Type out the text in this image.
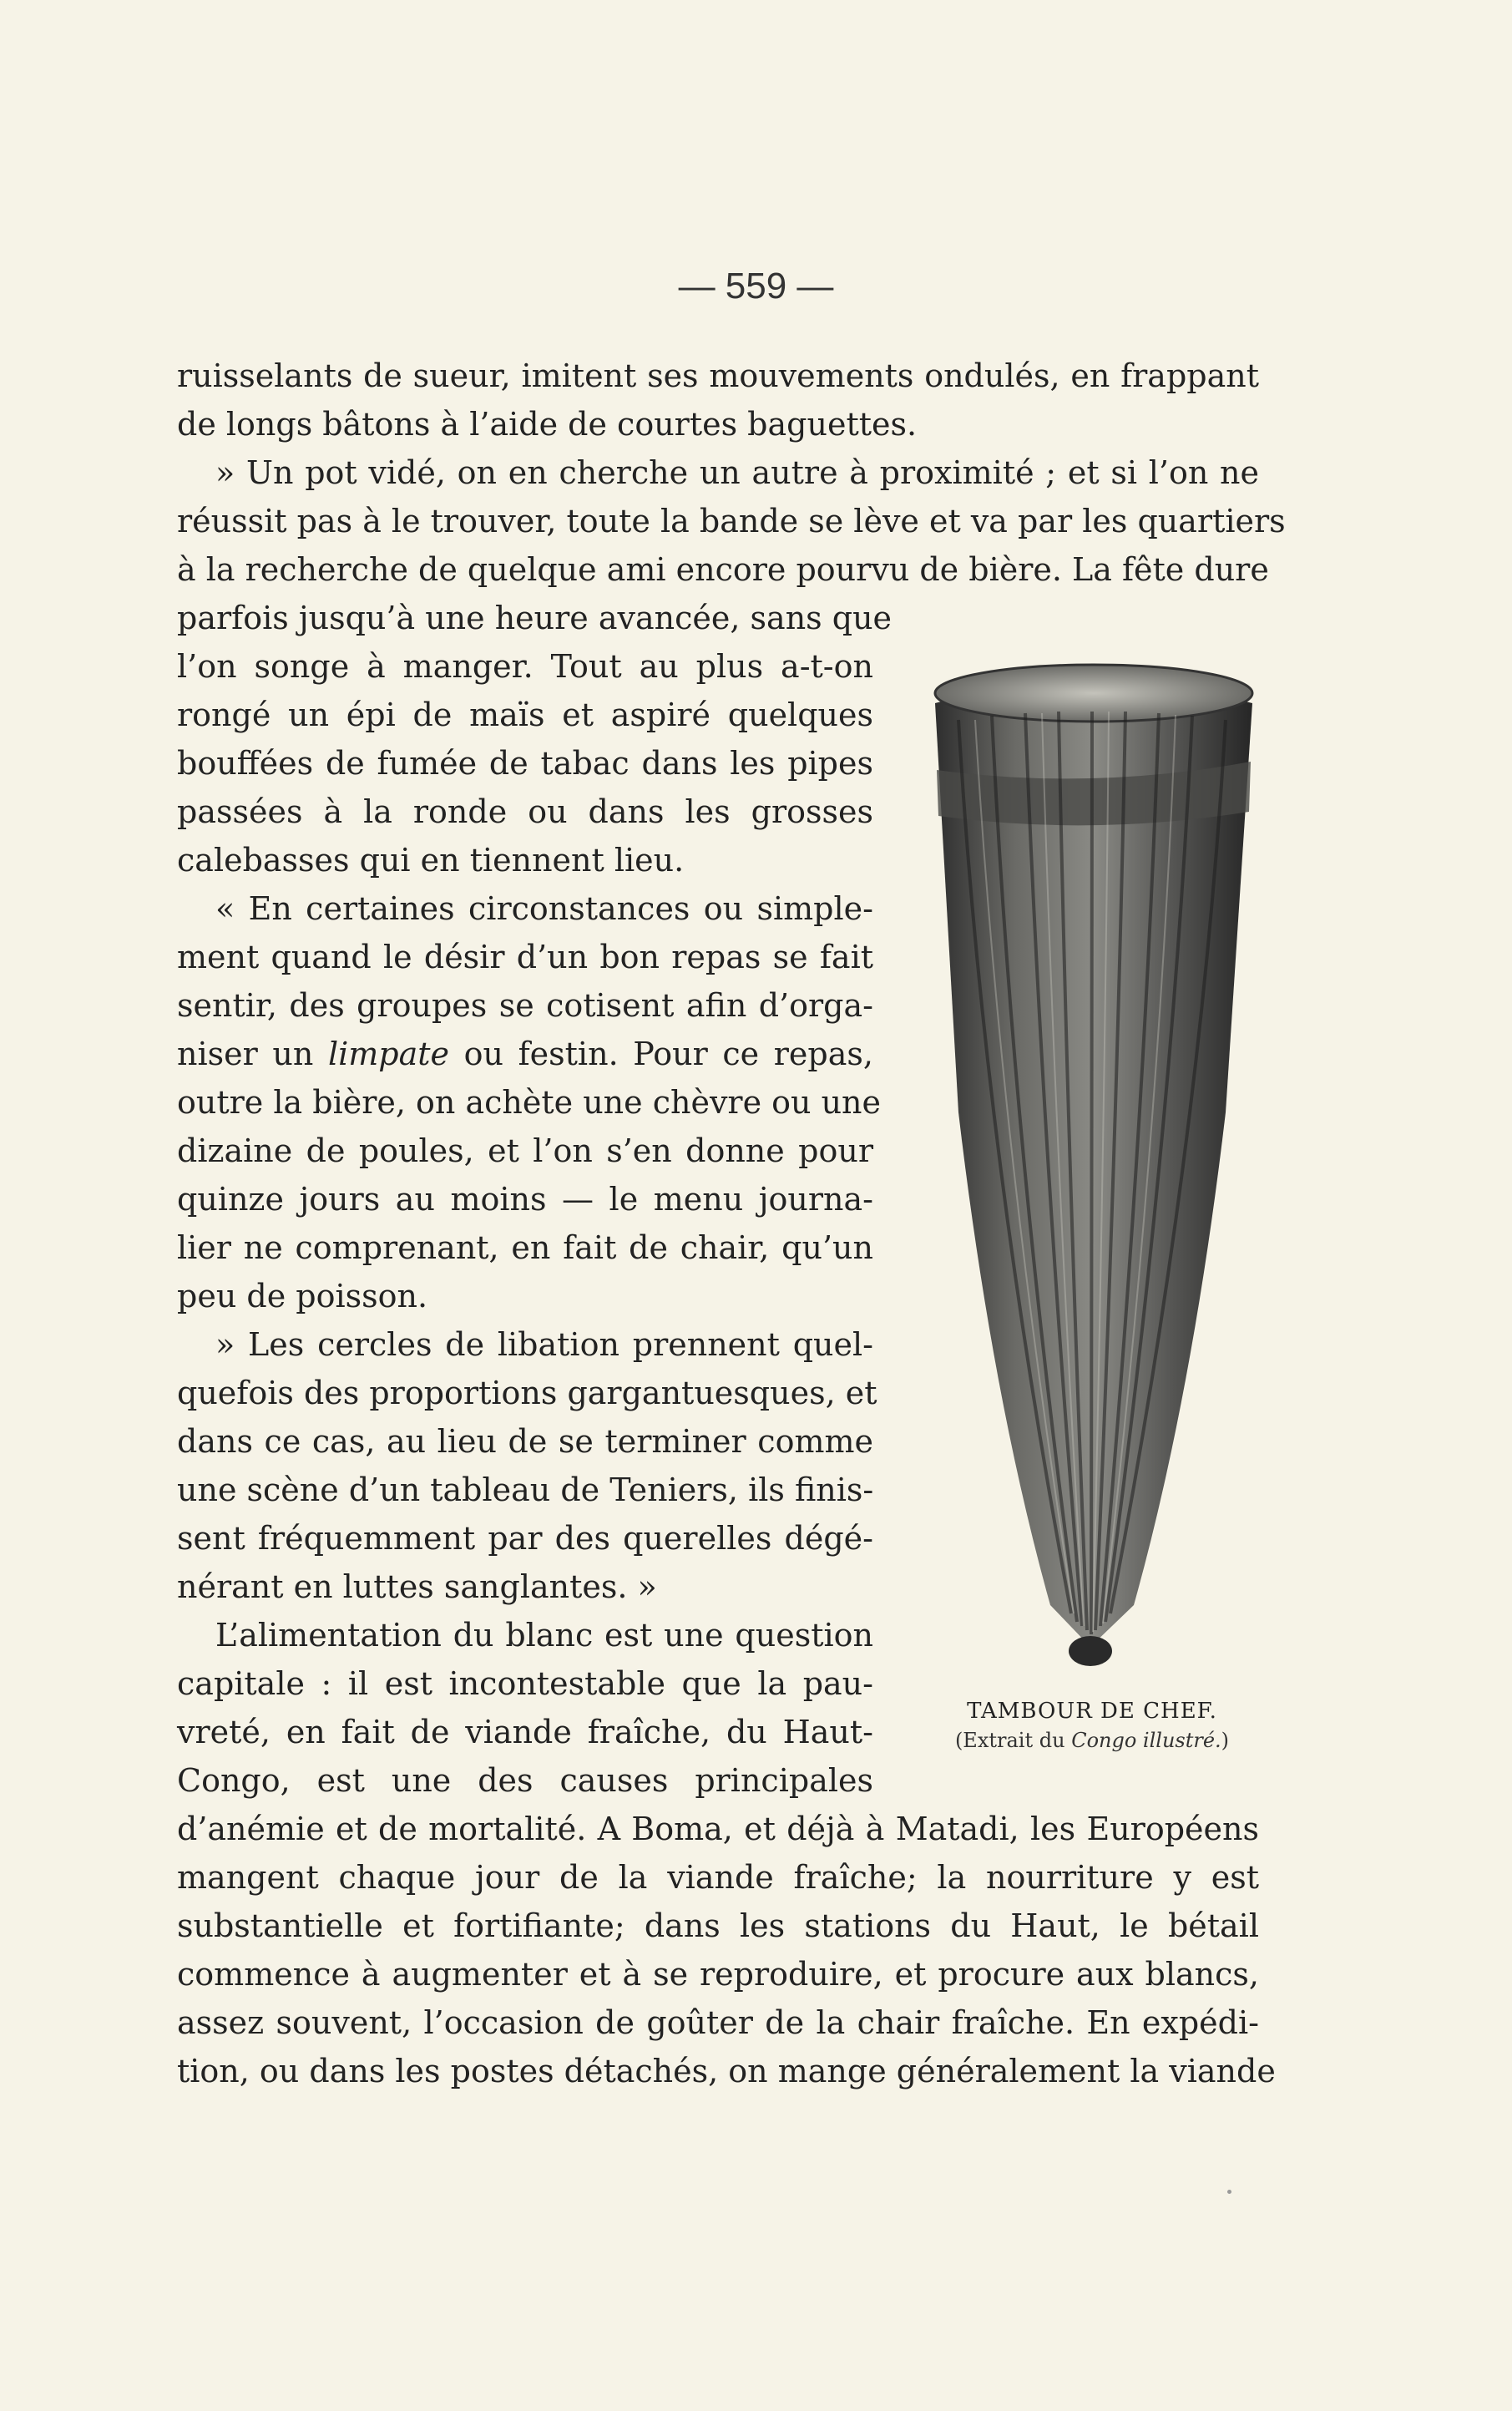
— 559 —
ruisselants de sueur, imitent ses mouvements ondulés, en frappant
de longs bâtons à l’aide de courtes baguettes.
» Un pot vidé, on en cherche un autre à proximité ; et si l’on ne
réussit pas à le trouver, toute la bande se lève et va par les quartiers
à la recherche de quelque ami encore pourvu de bière. La fête dure
parfois jusqu’à une heure avancée, sans que
l’on songe à manger. Tout au plus a-t-on
rongé un épi de maïs et aspiré quelques
bouffées de fumée de tabac dans les pipes
passées à la ronde ou dans les grosses
calebasses qui en tiennent lieu.
« En certaines circonstances ou simple-
ment quand le désir d’un bon repas se fait
sentir, des groupes se cotisent afin d’orga-
niser un limpate ou festin. Pour ce repas,
outre la bière, on achète une chèvre ou une
dizaine de poules, et l’on s’en donne pour
quinze jours au moins — le menu journa-
lier ne comprenant, en fait de chair, qu’un
peu de poisson.
» Les cercles de libation prennent quel-
quefois des proportions gargantuesques, et
dans ce cas, au lieu de se terminer comme
une scène d’un tableau de Teniers, ils finis-
sent fréquemment par des querelles dégé-
nérant en luttes sanglantes. »
L’alimentation du blanc est une question
capitale : il est incontestable que la pau-
vreté, en fait de viande fraîche, du Haut-
Congo, est une des causes principales
d’anémie et de mortalité. A Boma, et déjà à Matadi, les Européens
mangent chaque jour de la viande fraîche; la nourriture y est
substantielle et fortifiante; dans les stations du Haut, le bétail
commence à augmenter et à se reproduire, et procure aux blancs,
assez souvent, l’occasion de goûter de la chair fraîche. En expédi-
tion, ou dans les postes détachés, on mange généralement la viande
TAMBOUR DE CHEF.
(Extrait du Congo illustré.)
